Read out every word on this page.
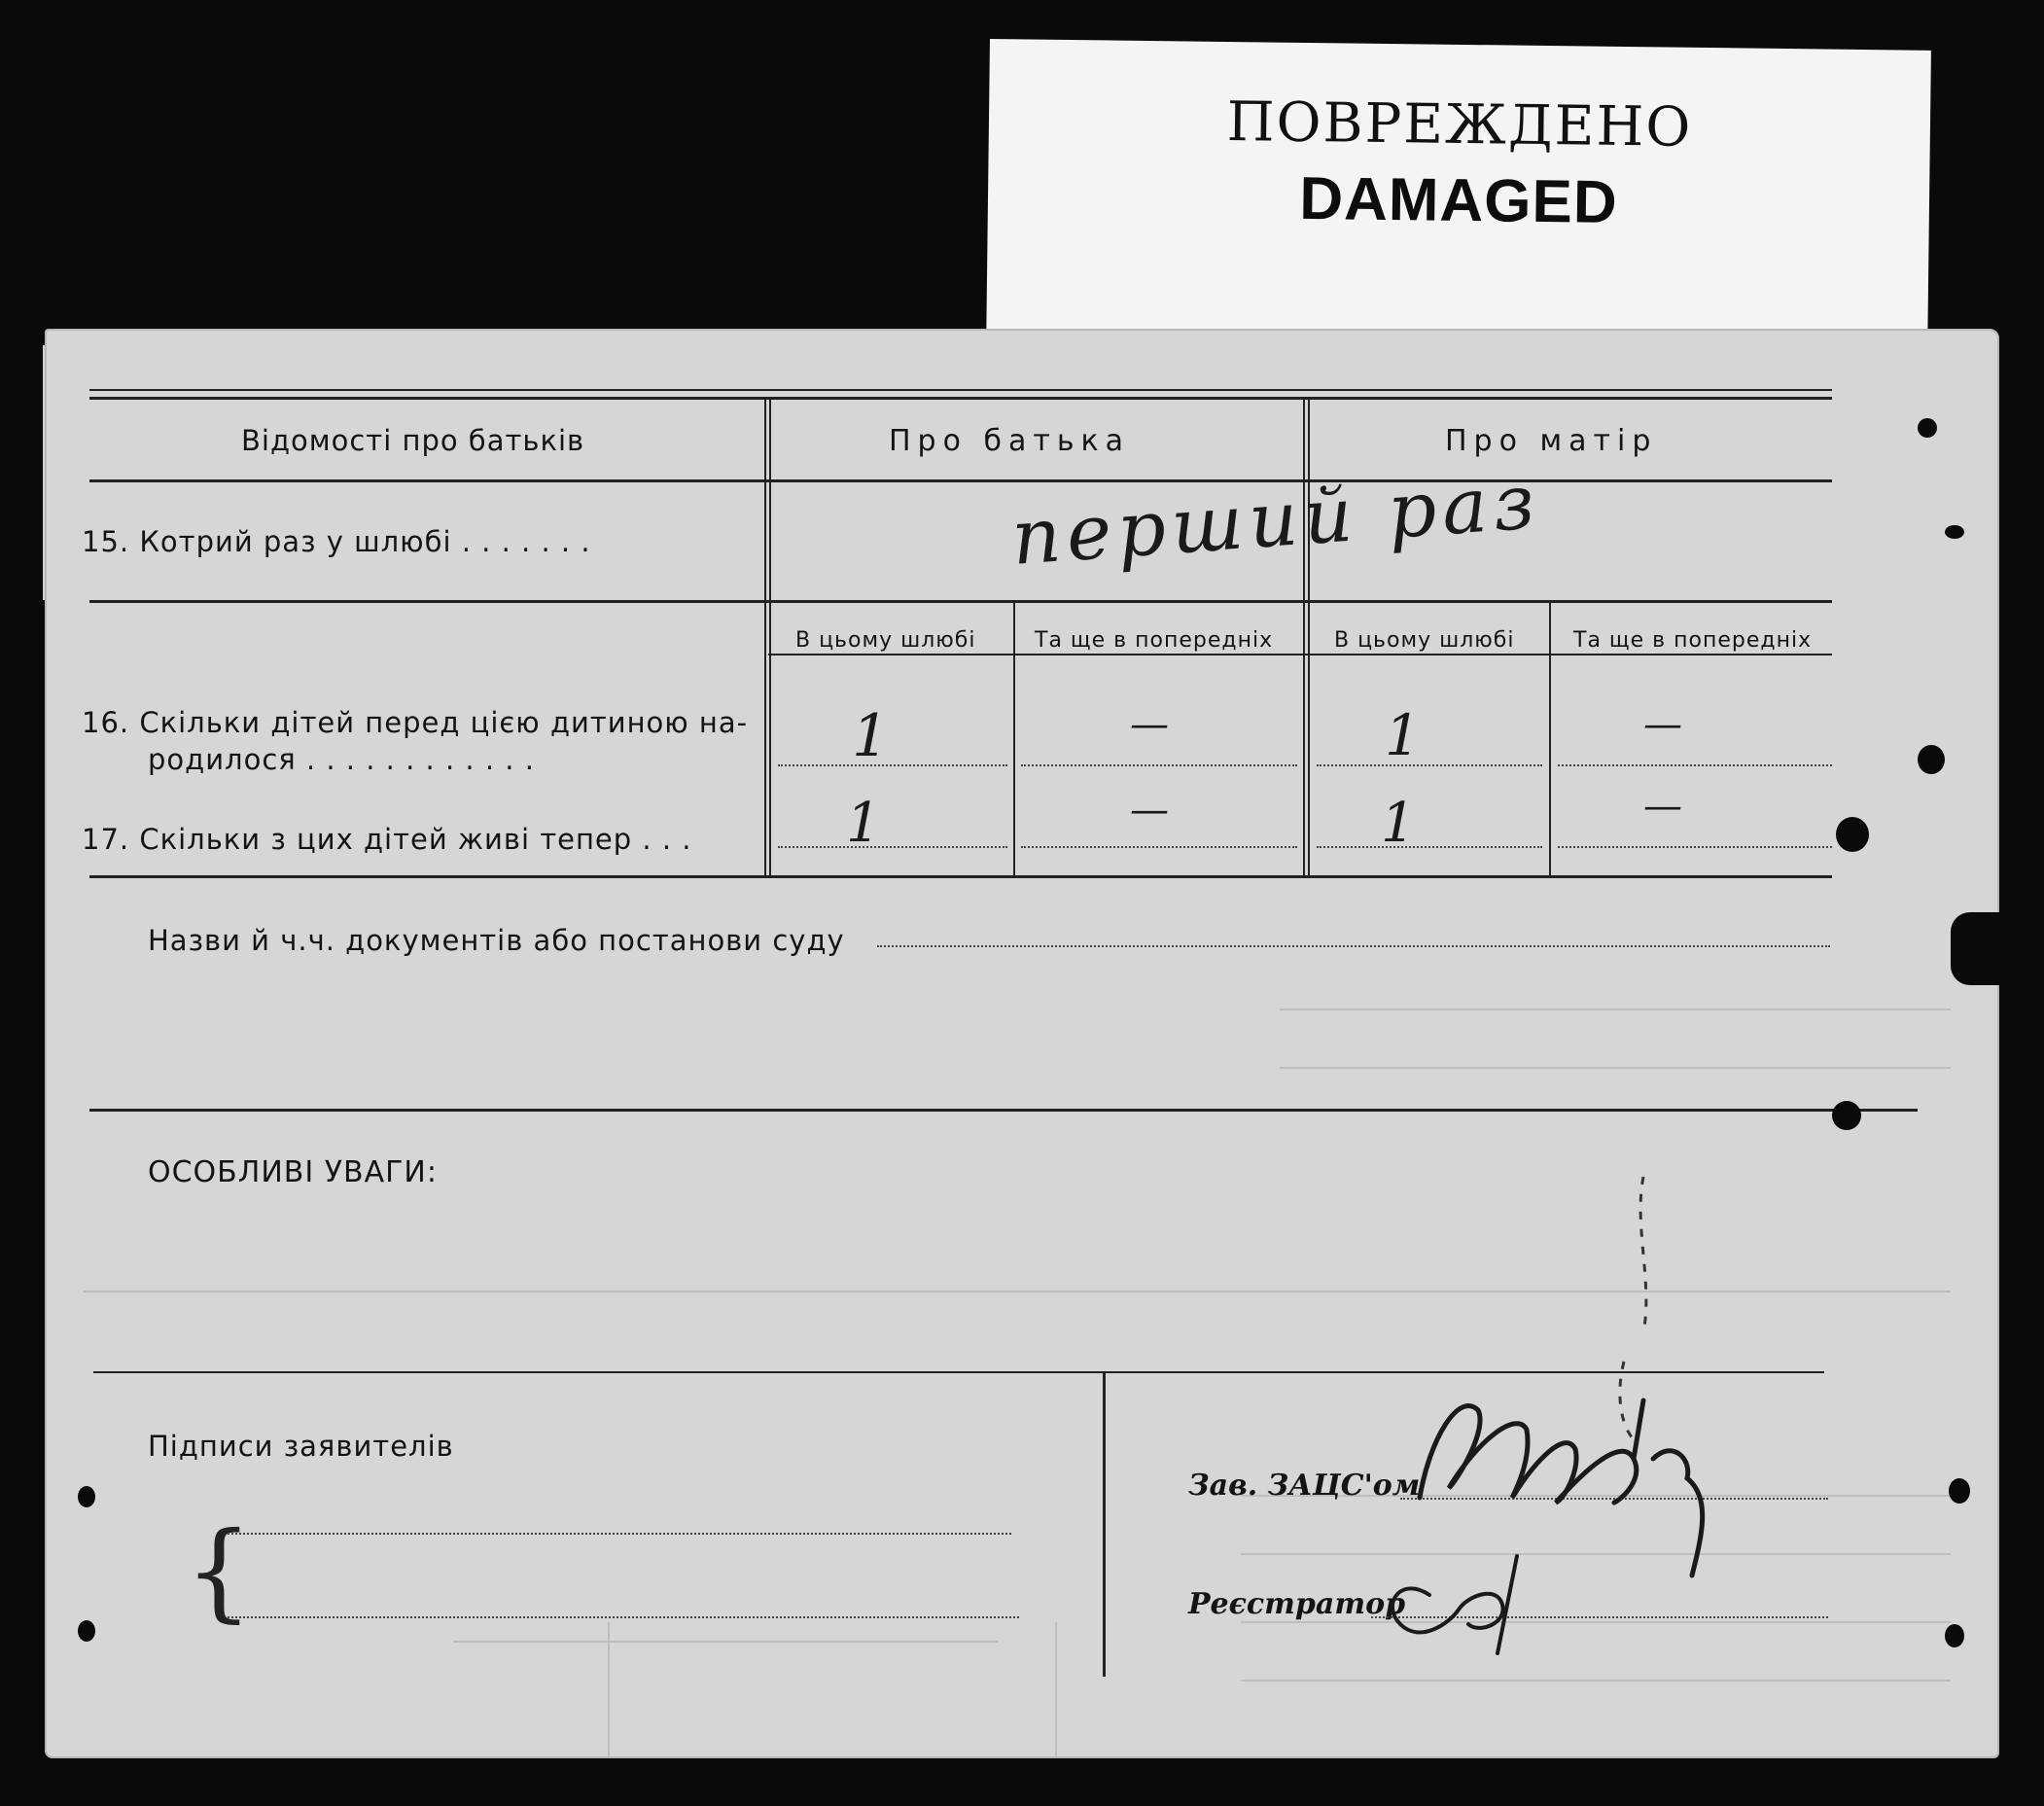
ПОВРЕЖДЕНО
DAMAGED
Відомості про батьків	Про батька	Про матір
15. Котрий раз у шлюбі . . . . . . .	перший раз
В цьому шлюбі	Та ще в попередніх	В цьому шлюбі	Та ще в попередніх
16. Скільки дітей перед цією дитиною на-
родилося . . . . . . . . . . . .	1	—	1	—
17. Скільки з цих дітей живі тепер . . .	1	—	1	—
Назви й ч.ч. документів або постанови суду
ОСОБЛИВІ УВАГИ:
Підписи заявителів
{
Зав. ЗАЦС'ом
Реєстратор
